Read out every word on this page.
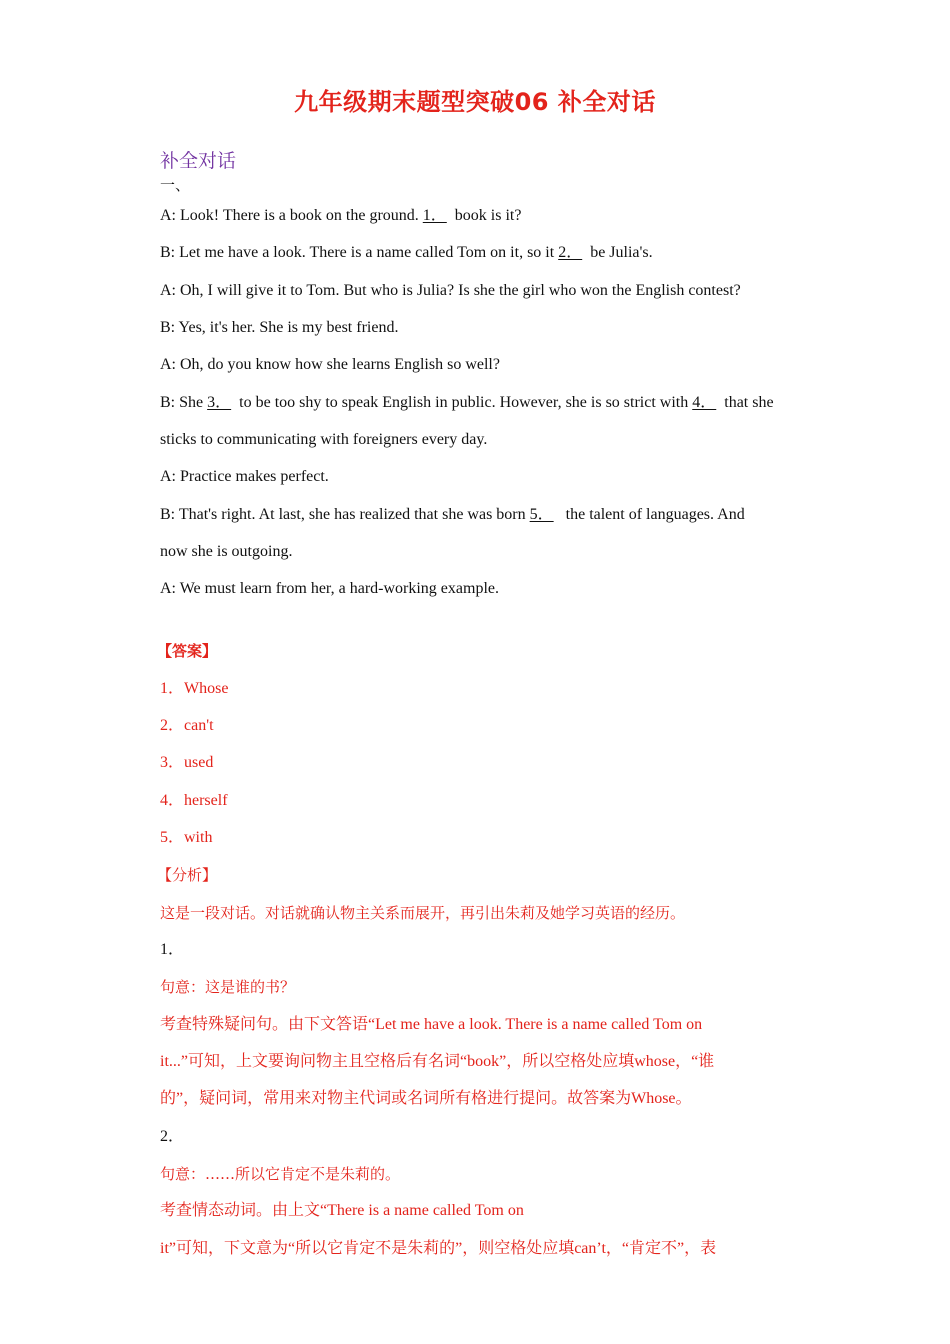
九年级期末题型突破06 补全对话
补全对话
一、
A: Look! There is a book on the ground. 1． book is it?
B: Let me have a look. There is a name called Tom on it, so it 2． be Julia's.
A: Oh, I will give it to Tom. But who is Julia? Is she the girl who won the English contest?
B: Yes, it's her. She is my best friend.
A: Oh, do you know how she learns English so well?
B: She 3． to be too shy to speak English in public. However, she is so strict with 4． that she
sticks to communicating with foreigners every day.
A: Practice makes perfect.
B: That's right. At last, she has realized that she was born 5． the talent of languages. And
now she is outgoing.
A: We must learn from her, a hard-working example.
【答案】
1．Whose
2．can't
3．used
4．herself
5．with
【分析】
这是一段对话。对话就确认物主关系而展开，再引出朱莉及她学习英语的经历。
1．
句意：这是谁的书？
考查特殊疑问句。由下文答语“Let me have a look. There is a name called Tom on
it...”可知，上文要询问物主且空格后有名词“book”，所以空格处应填whose，“谁
的”，疑问词，常用来对物主代词或名词所有格进行提问。故答案为Whose。
2．
句意：……所以它肯定不是朱莉的。
考查情态动词。由上文“There is a name called Tom on
it”可知，下文意为“所以它肯定不是朱莉的”，则空格处应填can’t，“肯定不”，表
